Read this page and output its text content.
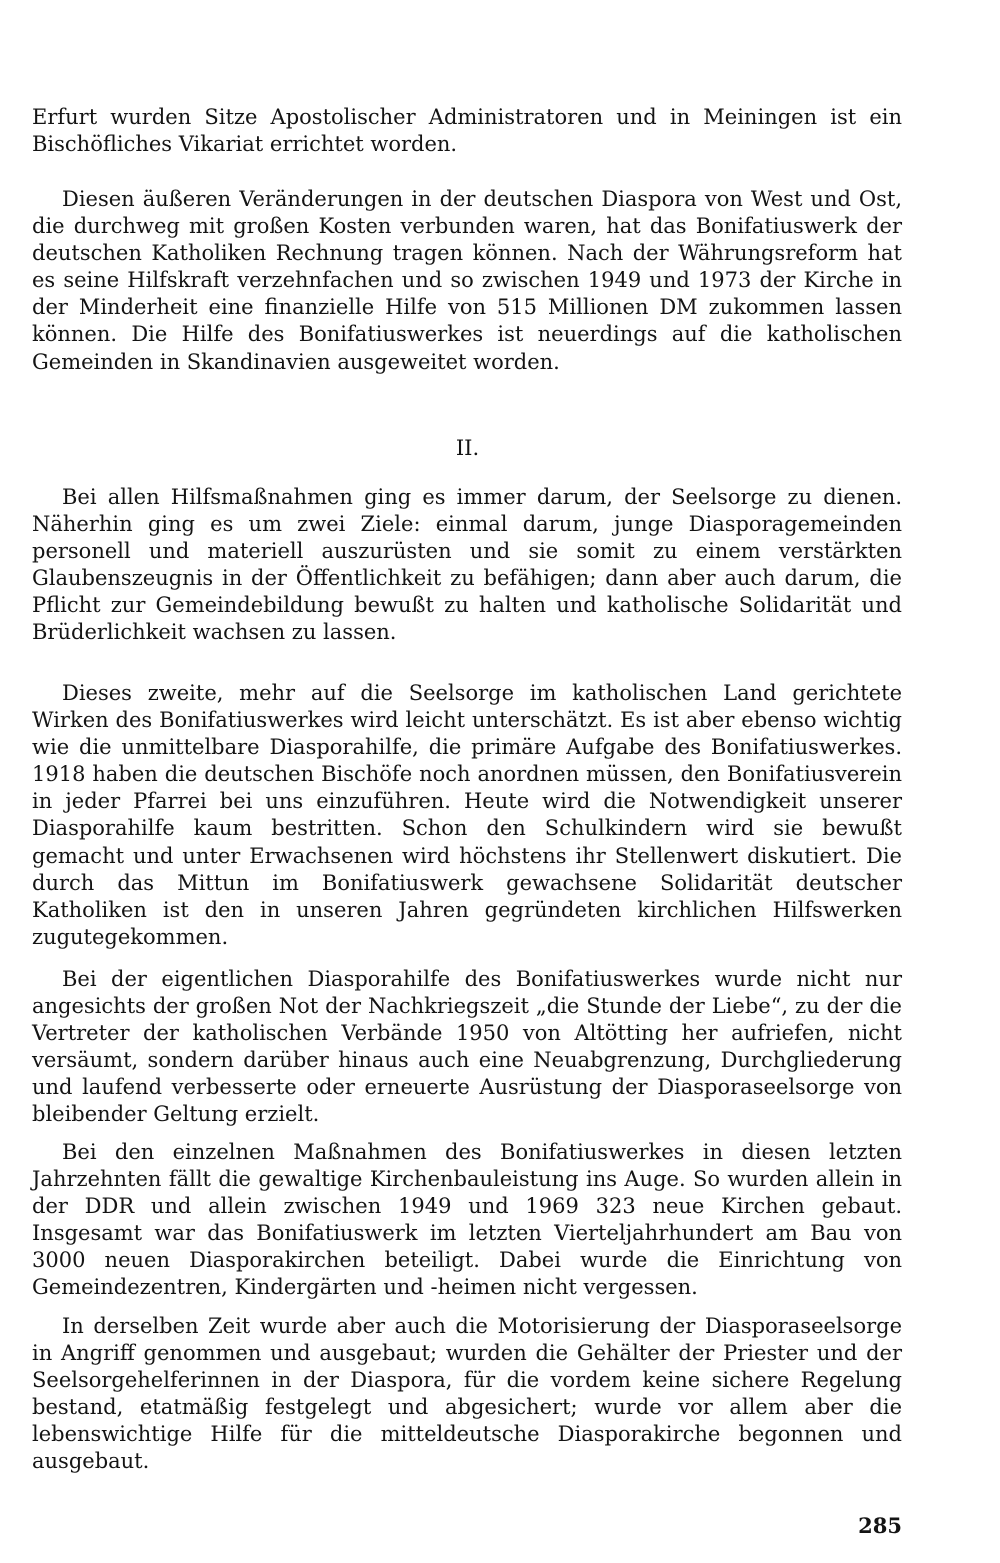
Erfurt wurden Sitze Apostolischer Administratoren und in Meiningen ist ein Bischöfliches Vikariat errichtet worden.

Diesen äußeren Veränderungen in der deutschen Diaspora von West und Ost, die durchweg mit großen Kosten verbunden waren, hat das Bonifatiuswerk der deutschen Katholiken Rechnung tragen können. Nach der Währungsreform hat es seine Hilfskraft verzehnfachen und so zwischen 1949 und 1973 der Kirche in der Minderheit eine finanzielle Hilfe von 515 Millionen DM zukommen lassen können. Die Hilfe des Bonifatiuswerkes ist neuerdings auf die katholischen Gemeinden in Skandinavien ausgeweitet worden.

II.

Bei allen Hilfsmaßnahmen ging es immer darum, der Seelsorge zu dienen. Näherhin ging es um zwei Ziele: einmal darum, junge Diasporagemeinden personell und materiell auszurüsten und sie somit zu einem verstärkten Glaubenszeugnis in der Öffentlichkeit zu befähigen; dann aber auch darum, die Pflicht zur Gemeindebildung bewußt zu halten und katholische Solidarität und Brüderlichkeit wachsen zu lassen.

Dieses zweite, mehr auf die Seelsorge im katholischen Land gerichtete Wirken des Bonifatiuswerkes wird leicht unterschätzt. Es ist aber ebenso wichtig wie die unmittelbare Diasporahilfe, die primäre Aufgabe des Bonifatiuswerkes. 1918 haben die deutschen Bischöfe noch anordnen müssen, den Bonifatiusverein in jeder Pfarrei bei uns einzuführen. Heute wird die Notwendigkeit unserer Diasporahilfe kaum bestritten. Schon den Schulkindern wird sie bewußt gemacht und unter Erwachsenen wird höchstens ihr Stellenwert diskutiert. Die durch das Mittun im Bonifatiuswerk gewachsene Solidarität deutscher Katholiken ist den in unseren Jahren gegründeten kirchlichen Hilfswerken zugutegekommen.

Bei der eigentlichen Diasporahilfe des Bonifatiuswerkes wurde nicht nur angesichts der großen Not der Nachkriegszeit „die Stunde der Liebe“, zu der die Vertreter der katholischen Verbände 1950 von Altötting her aufriefen, nicht versäumt, sondern darüber hinaus auch eine Neuabgrenzung, Durchgliederung und laufend verbesserte oder erneuerte Ausrüstung der Diasporaseelsorge von bleibender Geltung erzielt.

Bei den einzelnen Maßnahmen des Bonifatiuswerkes in diesen letzten Jahrzehnten fällt die gewaltige Kirchenbauleistung ins Auge. So wurden allein in der DDR und allein zwischen 1949 und 1969 323 neue Kirchen gebaut. Insgesamt war das Bonifatiuswerk im letzten Vierteljahrhundert am Bau von 3000 neuen Diasporakirchen beteiligt. Dabei wurde die Einrichtung von Gemeindezentren, Kindergärten und -heimen nicht vergessen.

In derselben Zeit wurde aber auch die Motorisierung der Diasporaseelsorge in Angriff genommen und ausgebaut; wurden die Gehälter der Priester und der Seelsorgehelferinnen in der Diaspora, für die vordem keine sichere Regelung bestand, etatmäßig festgelegt und abgesichert; wurde vor allem aber die lebenswichtige Hilfe für die mitteldeutsche Diasporakirche begonnen und ausgebaut.

285
